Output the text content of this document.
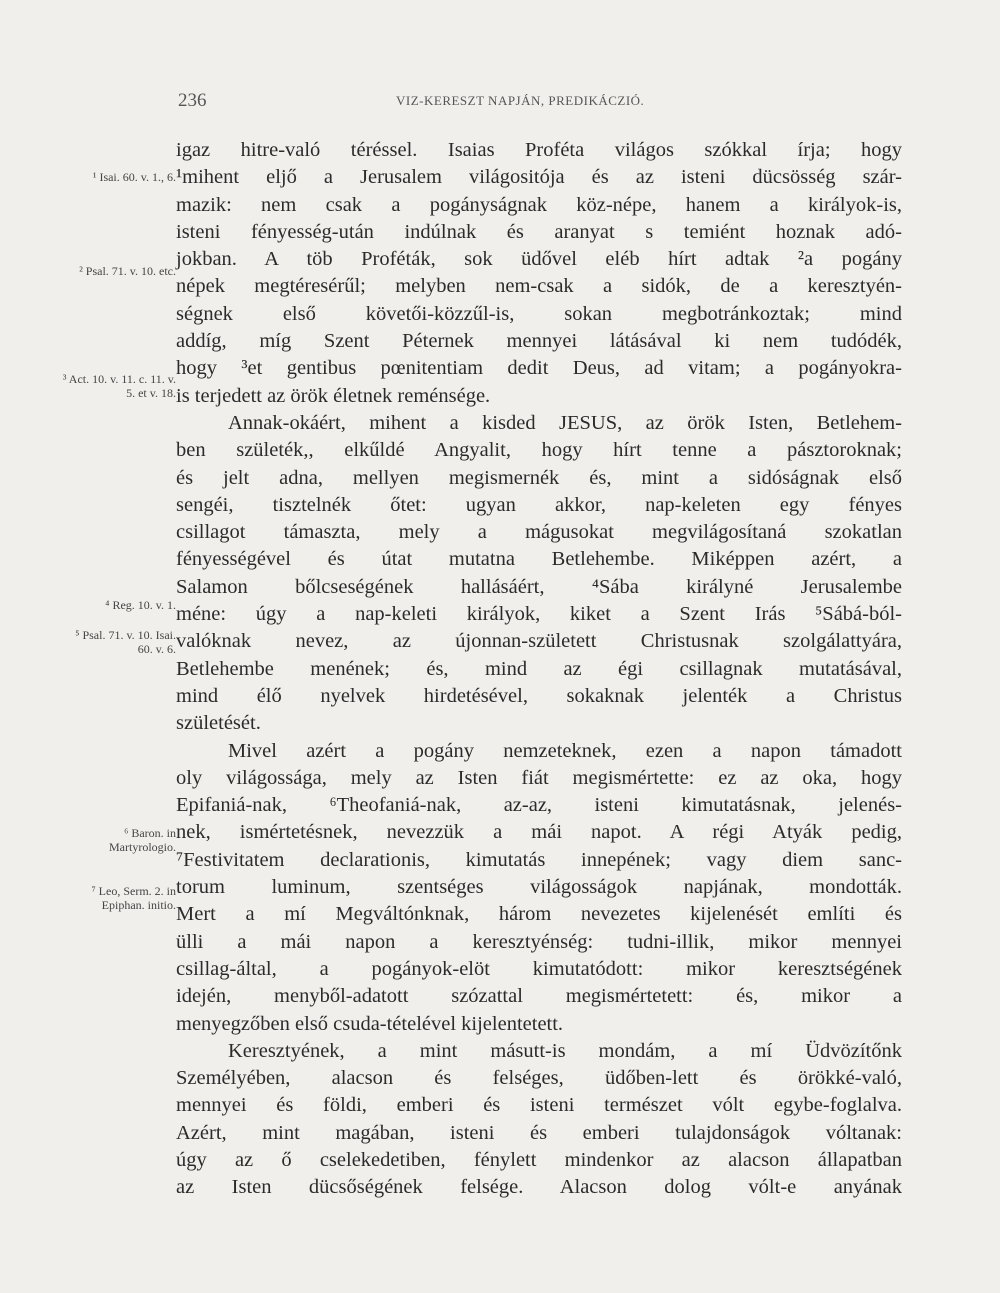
236	VIZ-KERESZT NAPJÁN, PREDIKÁCZIÓ.
¹ Isai. 60. v. 1., 6.
² Psal. 71. v. 10. etc.
³ Act. 10. v. 11. c. 11. v. 5. et v. 18.
⁴ Reg. 10. v. 1.
⁵ Psal. 71. v. 10. Isai. 60. v. 6.
⁶ Baron. in Martyrologio.
⁷ Leo, Serm. 2. in Epiphan. initio.
igaz hitre-való téréssel. Isaias Proféta világos szókkal írja; hogy
¹mihent eljő a Jerusalem világositója és az isteni dücsösség szár-
mazik: nem csak a pogányságnak köz-népe, hanem a királyok-is,
isteni fényesség-után indúlnak és aranyat s temiént hoznak adó-
jokban. A töb Proféták, sok üdővel eléb hírt adtak ²a pogány
népek megtéresérűl; melyben nem-csak a sidók, de a keresztyén-
ségnek első követői-közzűl-is, sokan megbotránkoztak; mind
addíg, míg Szent Péternek mennyei látásával ki nem tudódék,
hogy ³et gentibus pœnitentiam dedit Deus, ad vitam; a pogányokra-
is terjedett az örök életnek reménsége.
Annak-okáért, mihent a kisded JESUS, az örök Isten, Betlehem-
ben születék,, elkűldé Angyalit, hogy hírt tenne a pásztoroknak;
és jelt adna, mellyen megismernék és, mint a sidóságnak első
sengéi, tisztelnék őtet: ugyan akkor, nap-keleten egy fényes
csillagot támaszta, mely a mágusokat megvilágosítaná szokatlan
fényességével és útat mutatna Betlehembe. Miképpen azért, a
Salamon bőlcseségének hallásáért, ⁴Sába királyné Jerusalembe
méne: úgy a nap-keleti királyok, kiket a Szent Irás ⁵Sábá-ból-
valóknak nevez, az újonnan-született Christusnak szolgálattyára,
Betlehembe menének; és, mind az égi csillagnak mutatásával,
mind élő nyelvek hirdetésével, sokaknak jelenték a Christus
születését.
Mivel azért a pogány nemzeteknek, ezen a napon támadott
oly világossága, mely az Isten fiát megismértette: ez az oka, hogy
Epifaniá-nak, ⁶Theofaniá-nak, az-az, isteni kimutatásnak, jelenés-
nek, ismértetésnek, nevezzük a mái napot. A régi Atyák pedig,
⁷Festivitatem declarationis, kimutatás innepének; vagy diem sanc-
torum luminum, szentséges világosságok napjának, mondották.
Mert a mí Megváltónknak, három nevezetes kijelenését említi és
ülli a mái napon a keresztyénség: tudni-illik, mikor mennyei
csillag-által, a pogányok-elöt kimutatódott: mikor keresztségének
idején, menyből-adatott szózattal megismértetett: és, mikor a
menyegzőben első csuda-tételével kijelentetett.
Keresztyének, a mint másutt-is mondám, a mí Üdvözítőnk
Személyében, alacson és felséges, üdőben-lett és örökké-való,
mennyei és földi, emberi és isteni természet vólt egybe-foglalva.
Azért, mint magában, isteni és emberi tulajdonságok vóltanak:
úgy az ő cselekedetiben, fénylett mindenkor az alacson állapatban
az Isten dücsőségének felsége. Alacson dolog vólt-e anyának
